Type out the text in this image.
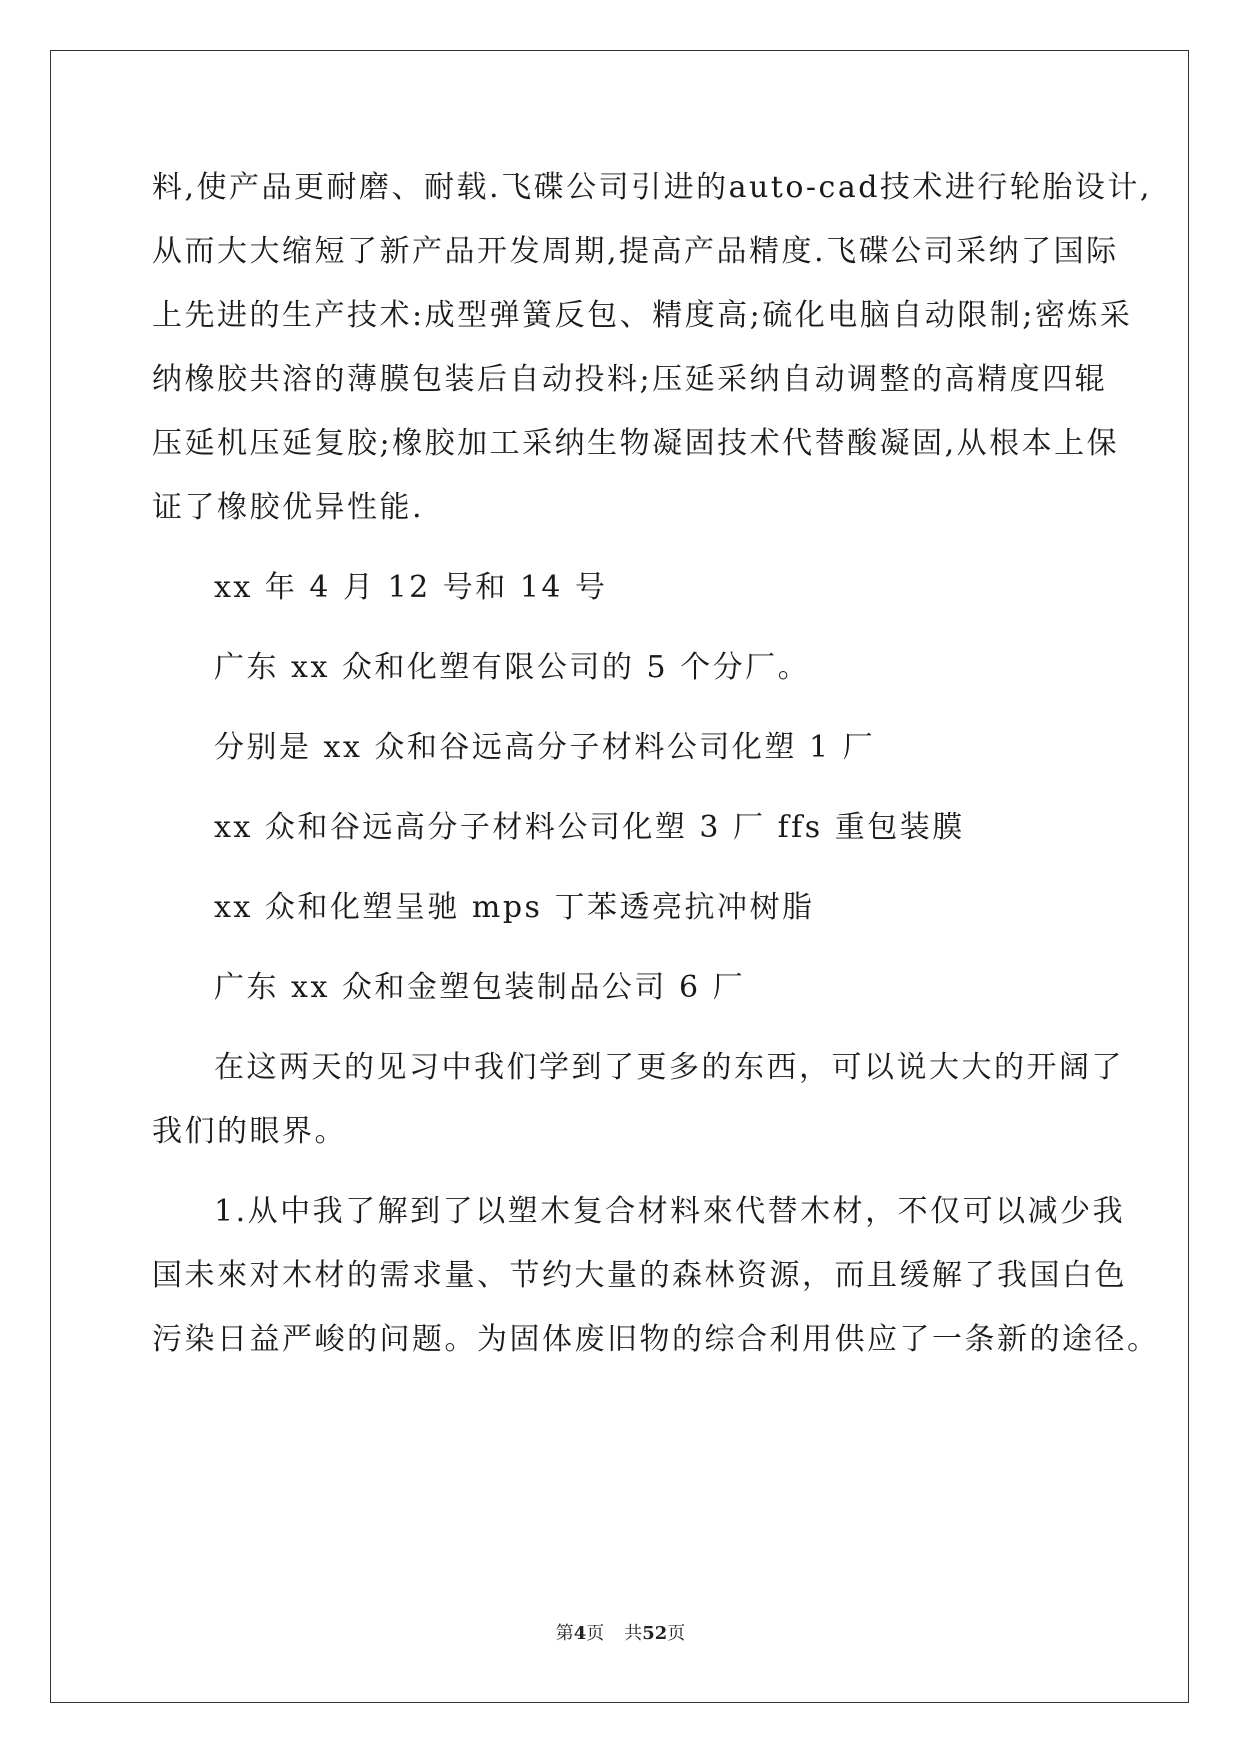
料,使产品更耐磨、耐载.飞碟公司引进的auto-cad技术进行轮胎设计,
从而大大缩短了新产品开发周期,提高产品精度.飞碟公司采纳了国际
上先进的生产技术:成型弹簧反包、精度高;硫化电脑自动限制;密炼采
纳橡胶共溶的薄膜包装后自动投料;压延采纳自动调整的高精度四辊
压延机压延复胶;橡胶加工采纳生物凝固技术代替酸凝固,从根本上保
证了橡胶优异性能.
xx 年 4 月 12 号和 14 号
广东 xx 众和化塑有限公司的 5 个分厂。
分别是 xx 众和谷远高分子材料公司化塑 1 厂
xx 众和谷远高分子材料公司化塑 3 厂 ffs 重包装膜
xx 众和化塑呈驰 mps 丁苯透亮抗冲树脂
广东 xx 众和金塑包装制品公司 6 厂
在这两天的见习中我们学到了更多的东西，可以说大大的开阔了
我们的眼界。
1.从中我了解到了以塑木复合材料來代替木材，不仅可以减少我
国未來对木材的需求量、节约大量的森林资源，而且缓解了我国白色
污染日益严峻的问题。为固体废旧物的综合利用供应了一条新的途径。
第4页 共52页
